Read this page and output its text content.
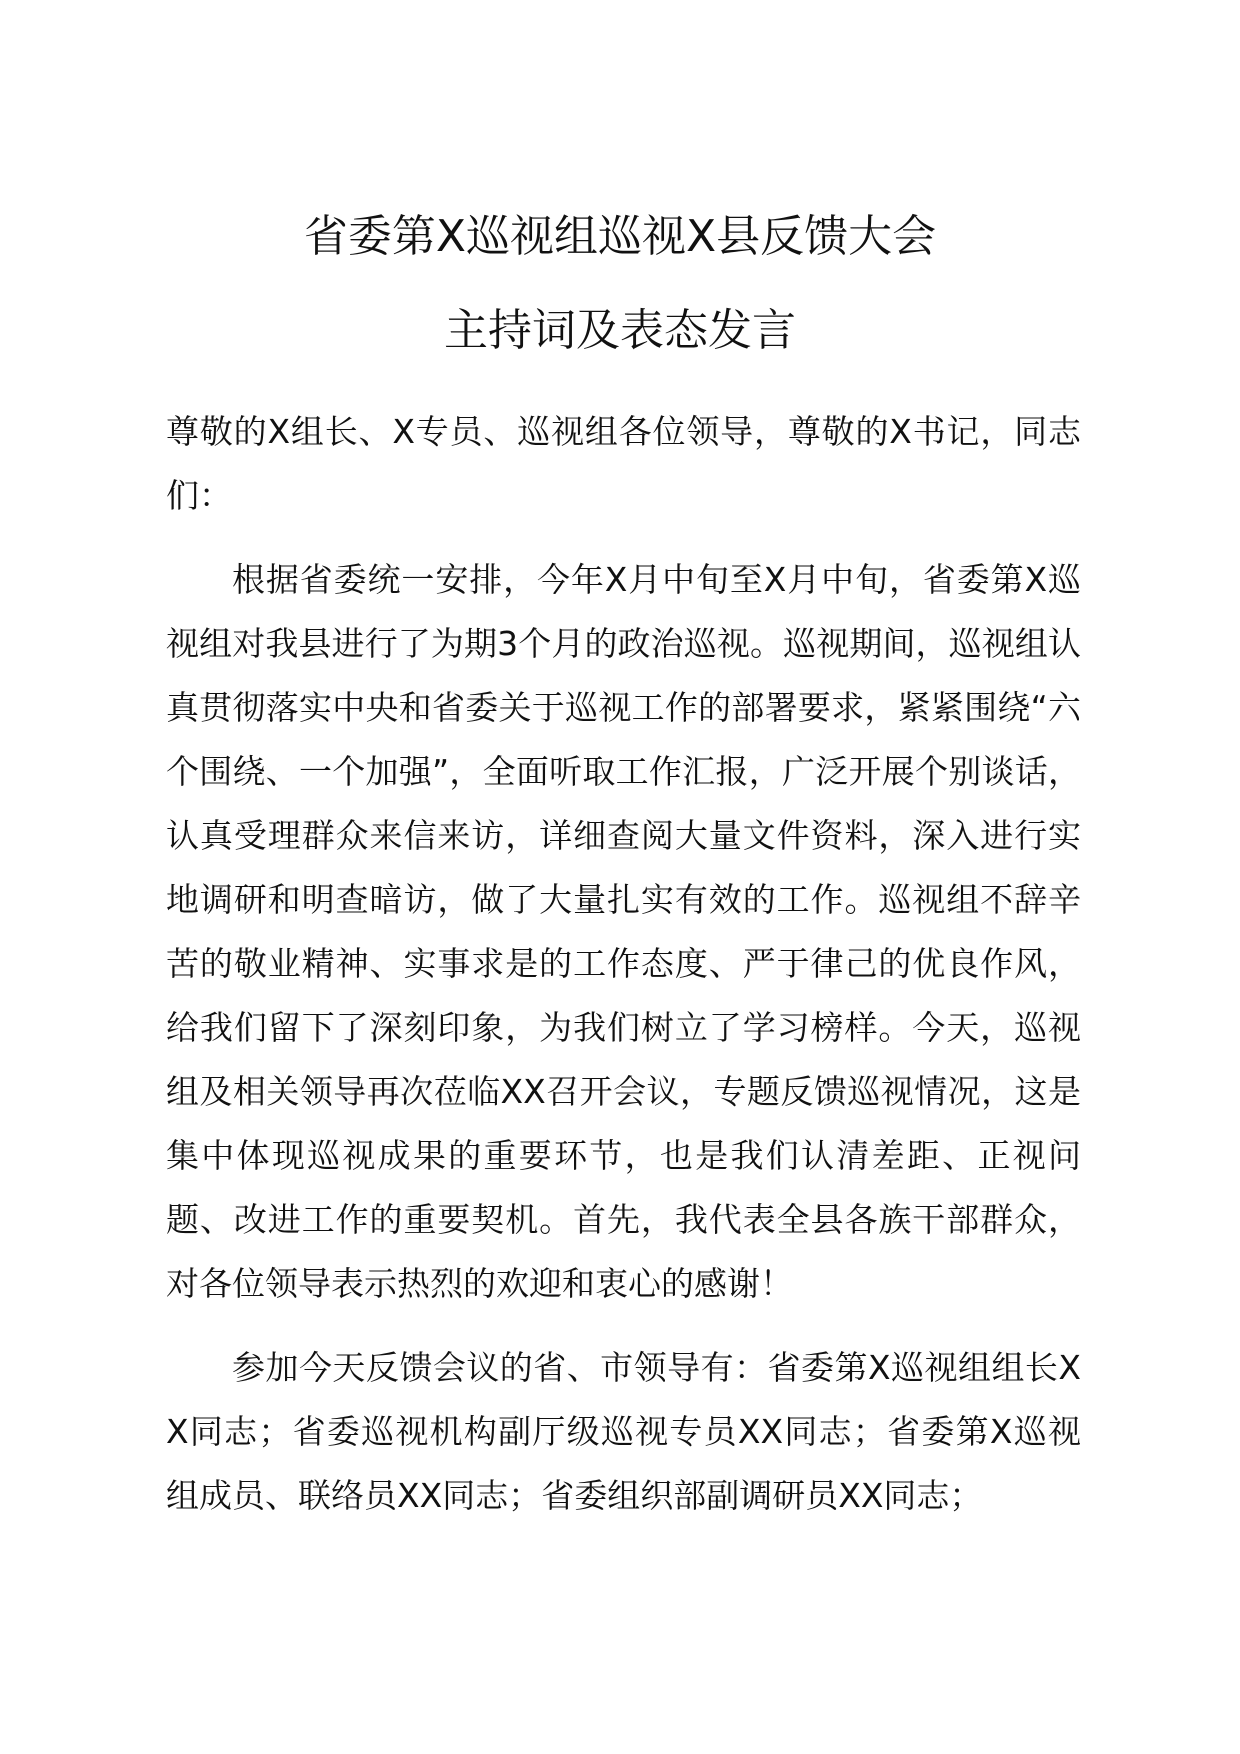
省委第X巡视组巡视X县反馈大会
主持词及表态发言

尊敬的X组长、X专员、巡视组各位领导，尊敬的X书记，同志们：

根据省委统一安排，今年X月中旬至X月中旬，省委第X巡视组对我县进行了为期3个月的政治巡视。巡视期间，巡视组认真贯彻落实中央和省委关于巡视工作的部署要求，紧紧围绕“六个围绕、一个加强”，全面听取工作汇报，广泛开展个别谈话，认真受理群众来信来访，详细查阅大量文件资料，深入进行实地调研和明查暗访，做了大量扎实有效的工作。巡视组不辞辛苦的敬业精神、实事求是的工作态度、严于律己的优良作风，给我们留下了深刻印象，为我们树立了学习榜样。今天，巡视组及相关领导再次莅临XX召开会议，专题反馈巡视情况，这是集中体现巡视成果的重要环节，也是我们认清差距、正视问题、改进工作的重要契机。首先，我代表全县各族干部群众，对各位领导表示热烈的欢迎和衷心的感谢！

参加今天反馈会议的省、市领导有：省委第X巡视组组长XX同志；省委巡视机构副厅级巡视专员XX同志；省委第X巡视组成员、联络员XX同志；省委组织部副调研员XX同志；
